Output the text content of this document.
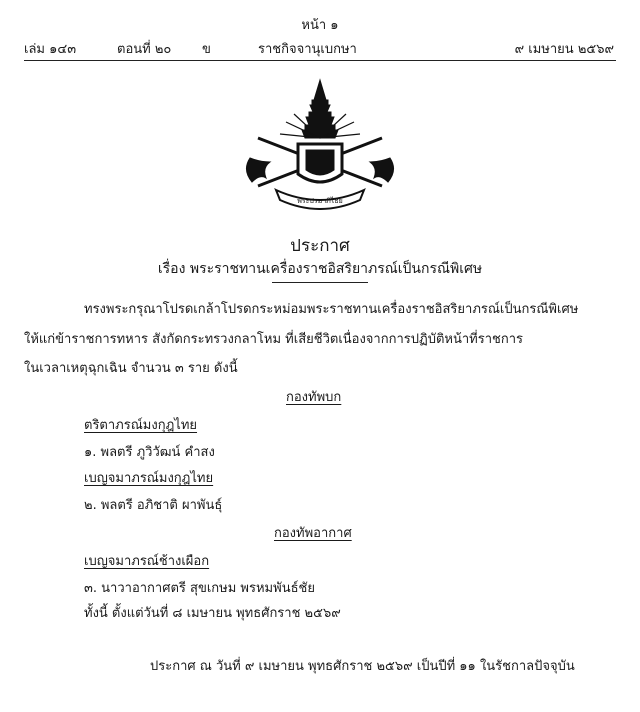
หน้า ๑
เล่ม ๑๔๓	ตอนที่ ๒๐ ข	ราชกิจจานุเบกษา	๙ เมษายน ๒๕๖๙
พระปรมาภิไธย
ประกาศ
เรื่อง พระราชทานเครื่องราชอิสริยาภรณ์เป็นกรณีพิเศษ
ทรงพระกรุณาโปรดเกล้าโปรดกระหม่อมพระราชทานเครื่องราชอิสริยาภรณ์เป็นกรณีพิเศษ
ให้แก่ข้าราชการทหาร สังกัดกระทรวงกลาโหม ที่เสียชีวิตเนื่องจากการปฏิบัติหน้าที่ราชการ
ในเวลาเหตุฉุกเฉิน จำนวน ๓ ราย ดังนี้
กองทัพบก
ตริตาภรณ์มงกุฎไทย
๑. พลตรี ภูวิวัฒน์ คำสง
เบญจมาภรณ์มงกุฎไทย
๒. พลตรี อภิชาติ ผาพันธุ์
กองทัพอากาศ
เบญจมาภรณ์ช้างเผือก
๓. นาวาอากาศตรี สุขเกษม พรหมพันธ์ชัย
ทั้งนี้ ตั้งแต่วันที่ ๘ เมษายน พุทธศักราช ๒๕๖๙
ประกาศ ณ วันที่ ๙ เมษายน พุทธศักราช ๒๕๖๙ เป็นปีที่ ๑๑ ในรัชกาลปัจจุบัน
